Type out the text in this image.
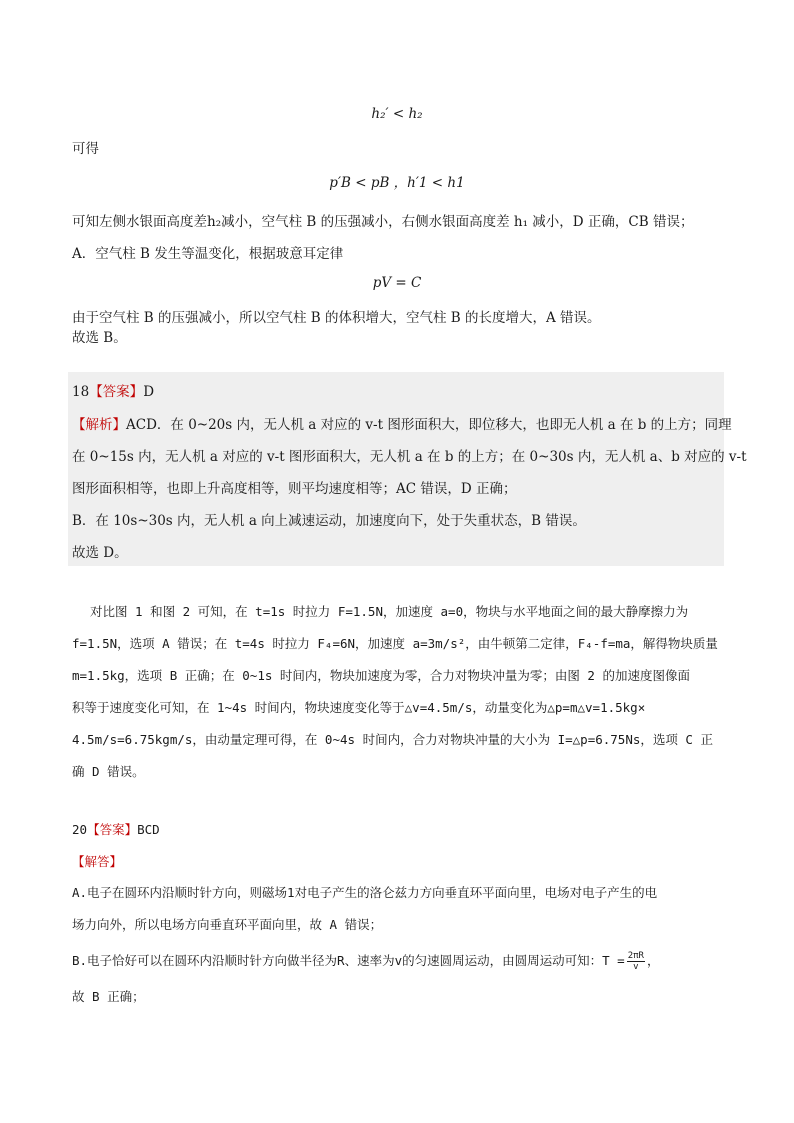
h₂′ < h₂
可得
p′B < pB ，h′1 < h1
可知左侧水银面高度差h₂减小，空气柱 B 的压强减小，右侧水银面高度差 h₁ 减小，D 正确，CB 错误；
A．空气柱 B 发生等温变化，根据玻意耳定律
pV = C
由于空气柱 B 的压强减小，所以空气柱 B 的体积增大，空气柱 B 的长度增大，A 错误。
故选 B。
18【答案】D
【解析】ACD．在 0~20s 内，无人机 a 对应的 v-t 图形面积大，即位移大，也即无人机 a 在 b 的上方；同理
在 0~15s 内，无人机 a 对应的 v-t 图形面积大，无人机 a 在 b 的上方；在 0~30s 内，无人机 a、b 对应的 v-t
图形面积相等，也即上升高度相等，则平均速度相等；AC 错误，D 正确；
B．在 10s~30s 内，无人机 a 向上减速运动，加速度向下，处于失重状态，B 错误。
故选 D。
对比图 1 和图 2 可知，在 t=1s 时拉力 F=1.5N，加速度 a=0，物块与水平地面之间的最大静摩擦力为
f=1.5N，选项 A 错误；在 t=4s 时拉力 F₄=6N，加速度 a=3m/s²，由牛顿第二定律，F₄-f=ma，解得物块质量
m=1.5kg，选项 B 正确；在 0~1s 时间内，物块加速度为零，合力对物块冲量为零；由图 2 的加速度图像面
积等于速度变化可知，在 1~4s 时间内，物块速度变化等于△v=4.5m/s，动量变化为△p=m△v=1.5kg×
4.5m/s=6.75kgm/s，由动量定理可得，在 0~4s 时间内，合力对物块冲量的大小为 I=△p=6.75Ns，选项 C 正
确 D 错误。
20【答案】BCD
【解答】
A.电子在圆环内沿顺时针方向，则磁场1对电子产生的洛仑兹力方向垂直环平面向里，电场对电子产生的电
场力向外，所以电场方向垂直环平面向里，故 A 错误；
B.电子恰好可以在圆环内沿顺时针方向做半径为R、速率为v的匀速圆周运动，由圆周运动可知：$T = \frac{2\pi R}{v}$ ，
故 B 正确；
